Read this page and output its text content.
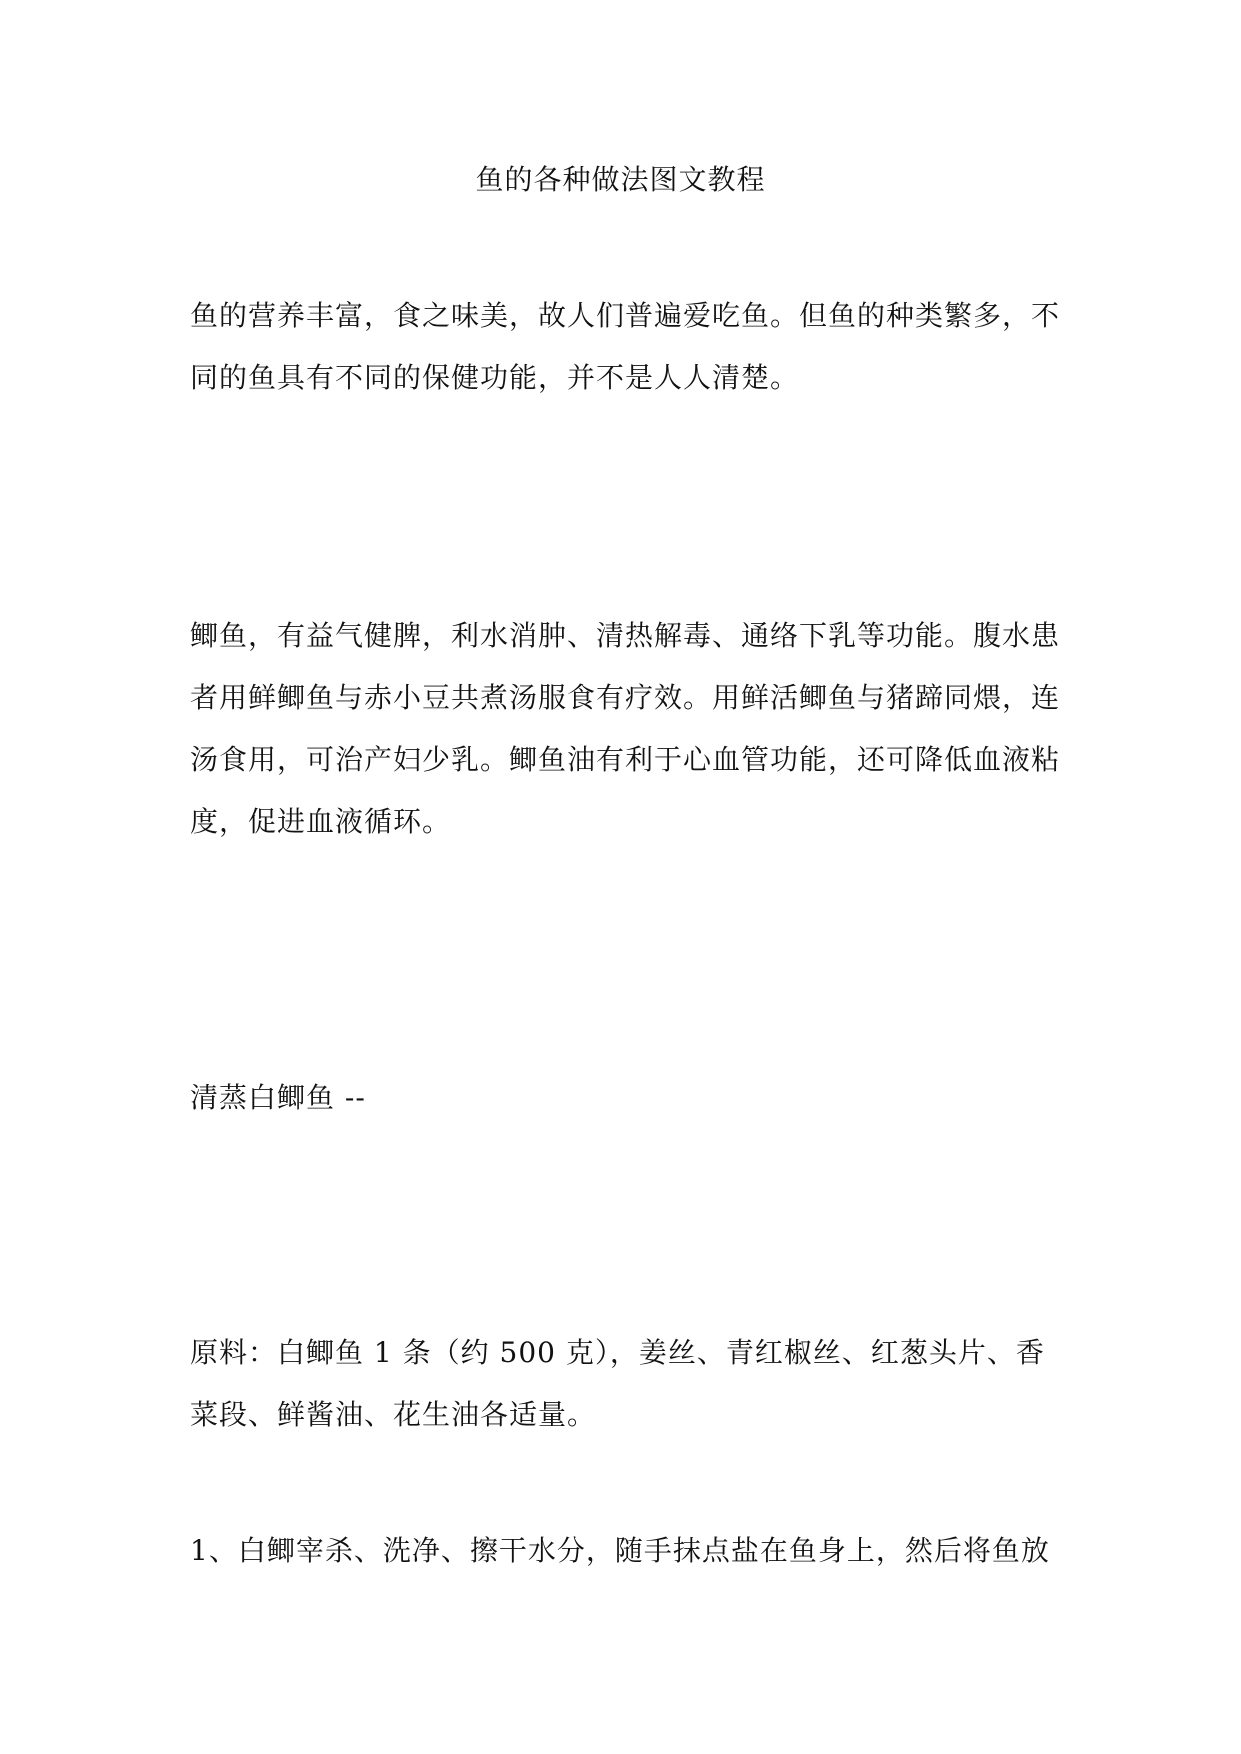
鱼的各种做法图文教程

鱼的营养丰富，食之味美，故人们普遍爱吃鱼。但鱼的种类繁多，不同的鱼具有不同的保健功能，并不是人人清楚。

鲫鱼，有益气健脾，利水消肿、清热解毒、通络下乳等功能。腹水患者用鲜鲫鱼与赤小豆共煮汤服食有疗效。用鲜活鲫鱼与猪蹄同煨，连汤食用，可治产妇少乳。鲫鱼油有利于心血管功能，还可降低血液粘度，促进血液循环。

清蒸白鲫鱼 --

原料：白鲫鱼 1 条（约 500 克），姜丝、青红椒丝、红葱头片、香菜段、鲜酱油、花生油各适量。

1、白鲫宰杀、洗净、擦干水分，随手抹点盐在鱼身上，然后将鱼放
